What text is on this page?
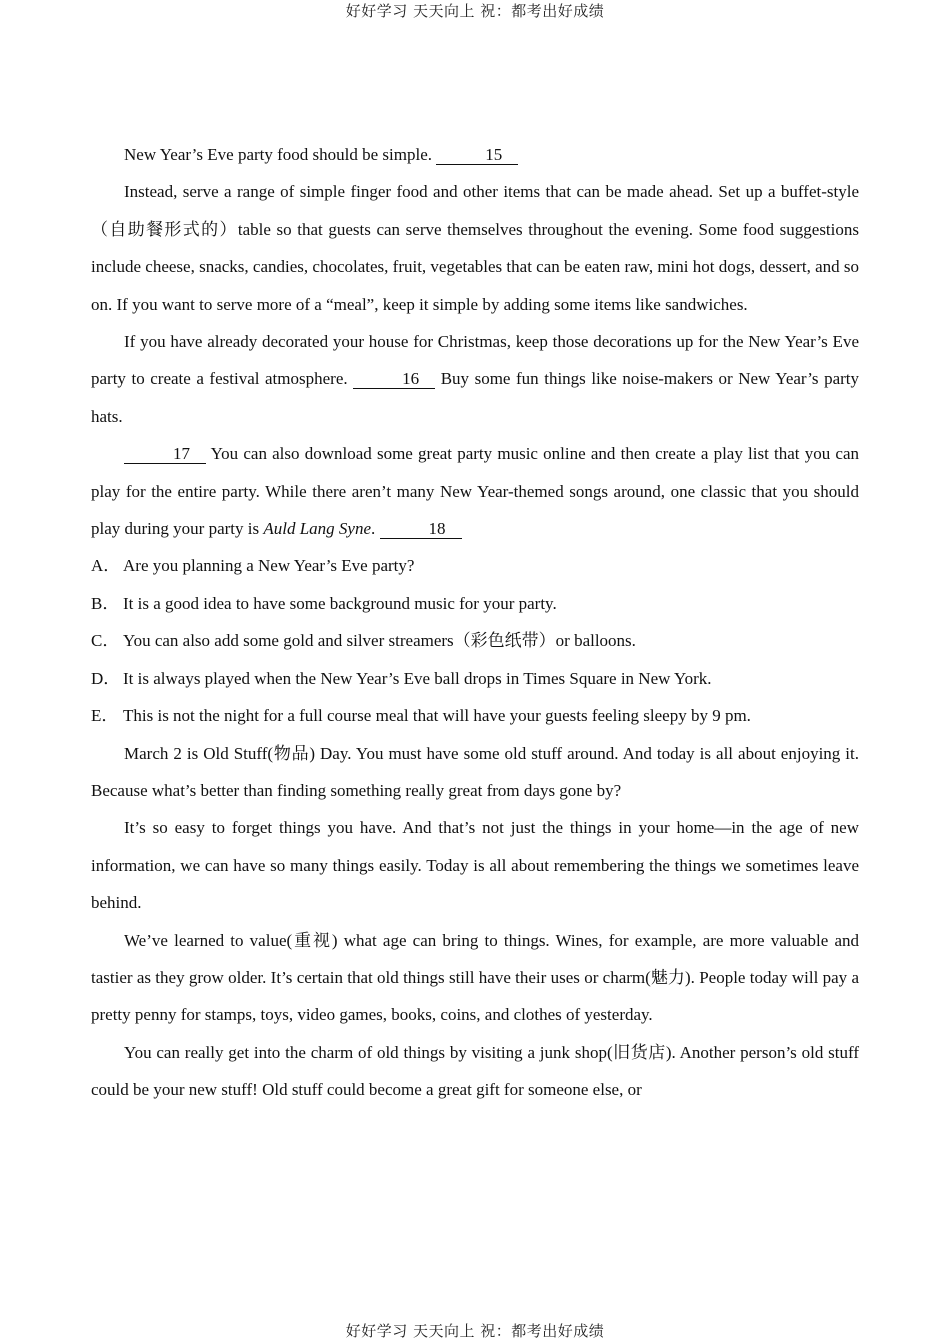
好好学习 天天向上 祝：都考出好成绩

New Year’s Eve party food should be simple.	15

Instead, serve a range of simple finger food and other items that can be made ahead. Set up a buffet-style（自助餐形式的）table so that guests can serve themselves throughout the evening. Some food suggestions include cheese, snacks, candies, chocolates, fruit, vegetables that can be eaten raw, mini hot dogs, dessert, and so on. If you want to serve more of a “meal”, keep it simple by adding some items like sandwiches.

If you have already decorated your house for Christmas, keep those decorations up for the New Year’s Eve party to create a festival atmosphere.	16 Buy some fun things like noise-makers or New Year’s party hats.

17 You can also download some great party music online and then create a play list that you can play for the entire party. While there aren’t many New Year-themed songs around, one classic that you should play during your party is Auld Lang Syne.	18

A． Are you planning a New Year’s Eve party?

B． It is a good idea to have some background music for your party.

C． You can also add some gold and silver streamers（彩色纸带）or balloons.

D． It is always played when the New Year’s Eve ball drops in Times Square in New York.

E． This is not the night for a full course meal that will have your guests feeling sleepy by 9 pm.

March 2 is Old Stuff(物品) Day. You must have some old stuff around. And today is all about enjoying it. Because what’s better than finding something really great from days gone by?

It’s so easy to forget things you have. And that’s not just the things in your home—in the age of new information, we can have so many things easily. Today is all about remembering the things we sometimes leave behind.

We’ve learned to value(重视) what age can bring to things. Wines, for example, are more valuable and tastier as they grow older. It’s certain that old things still have their uses or charm(魅力). People today will pay a pretty penny for stamps, toys, video games, books, coins, and clothes of yesterday.

You can really get into the charm of old things by visiting a junk shop(旧货店). Another person’s old stuff could be your new stuff! Old stuff could become a great gift for someone else, or

好好学习 天天向上 祝：都考出好成绩
